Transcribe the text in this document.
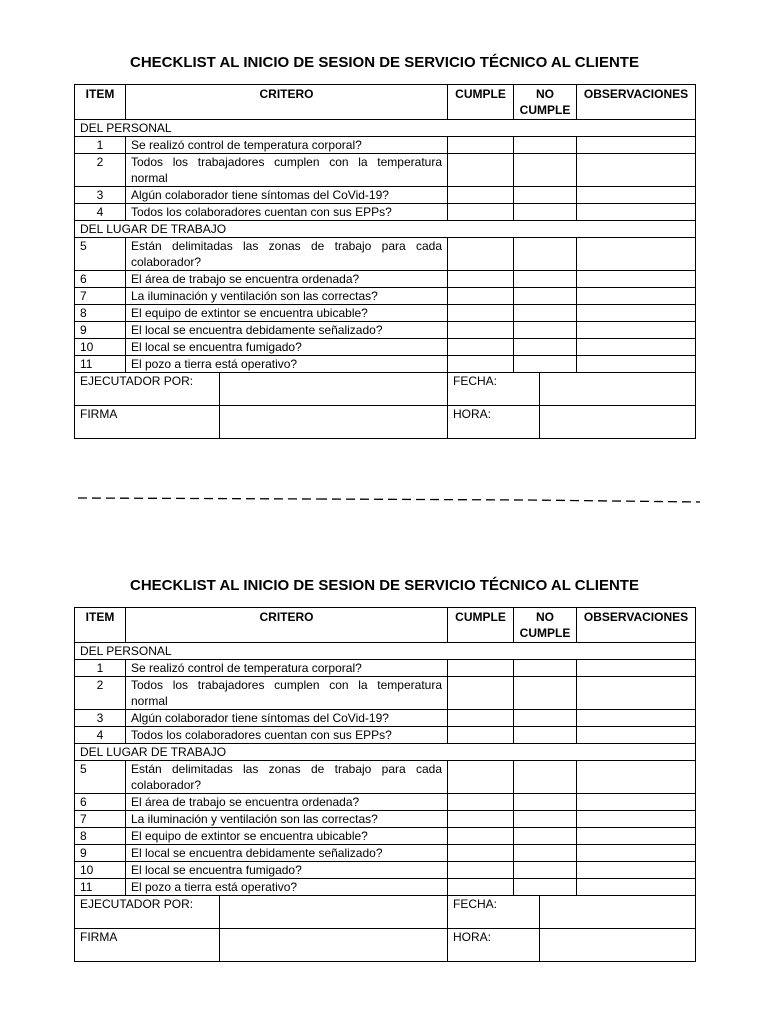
CHECKLIST AL INICIO DE SESION DE SERVICIO TÉCNICO AL CLIENTE
ITEM	CRITERO	CUMPLE	NO CUMPLE	OBSERVACIONES
DEL PERSONAL				
1	Se realizó control de temperatura corporal?			
2	Todos los trabajadores cumplen con la temperatura normal			
3	Algún colaborador tiene síntomas del CoVid-19?			
4	Todos los colaboradores cuentan con sus EPPs?			
DEL LUGAR DE TRABAJO				
5	Están delimitadas las zonas de trabajo para cada colaborador?			
6	El área de trabajo se encuentra ordenada?			
7	La iluminación y ventilación son las correctas?			
8	El equipo de extintor se encuentra ubicable?			
9	El local se encuentra debidamente señalizado?			
10	El local se encuentra fumigado?			
11	El pozo a tierra está operativo?			
EJECUTADOR POR:		FECHA:	
FIRMA		HORA:	
CHECKLIST AL INICIO DE SESION DE SERVICIO TÉCNICO AL CLIENTE
ITEM	CRITERO	CUMPLE	NO CUMPLE	OBSERVACIONES
DEL PERSONAL				
1	Se realizó control de temperatura corporal?			
2	Todos los trabajadores cumplen con la temperatura normal			
3	Algún colaborador tiene síntomas del CoVid-19?			
4	Todos los colaboradores cuentan con sus EPPs?			
DEL LUGAR DE TRABAJO				
5	Están delimitadas las zonas de trabajo para cada colaborador?			
6	El área de trabajo se encuentra ordenada?			
7	La iluminación y ventilación son las correctas?			
8	El equipo de extintor se encuentra ubicable?			
9	El local se encuentra debidamente señalizado?			
10	El local se encuentra fumigado?			
11	El pozo a tierra está operativo?			
EJECUTADOR POR:		FECHA:	
FIRMA		HORA:	
